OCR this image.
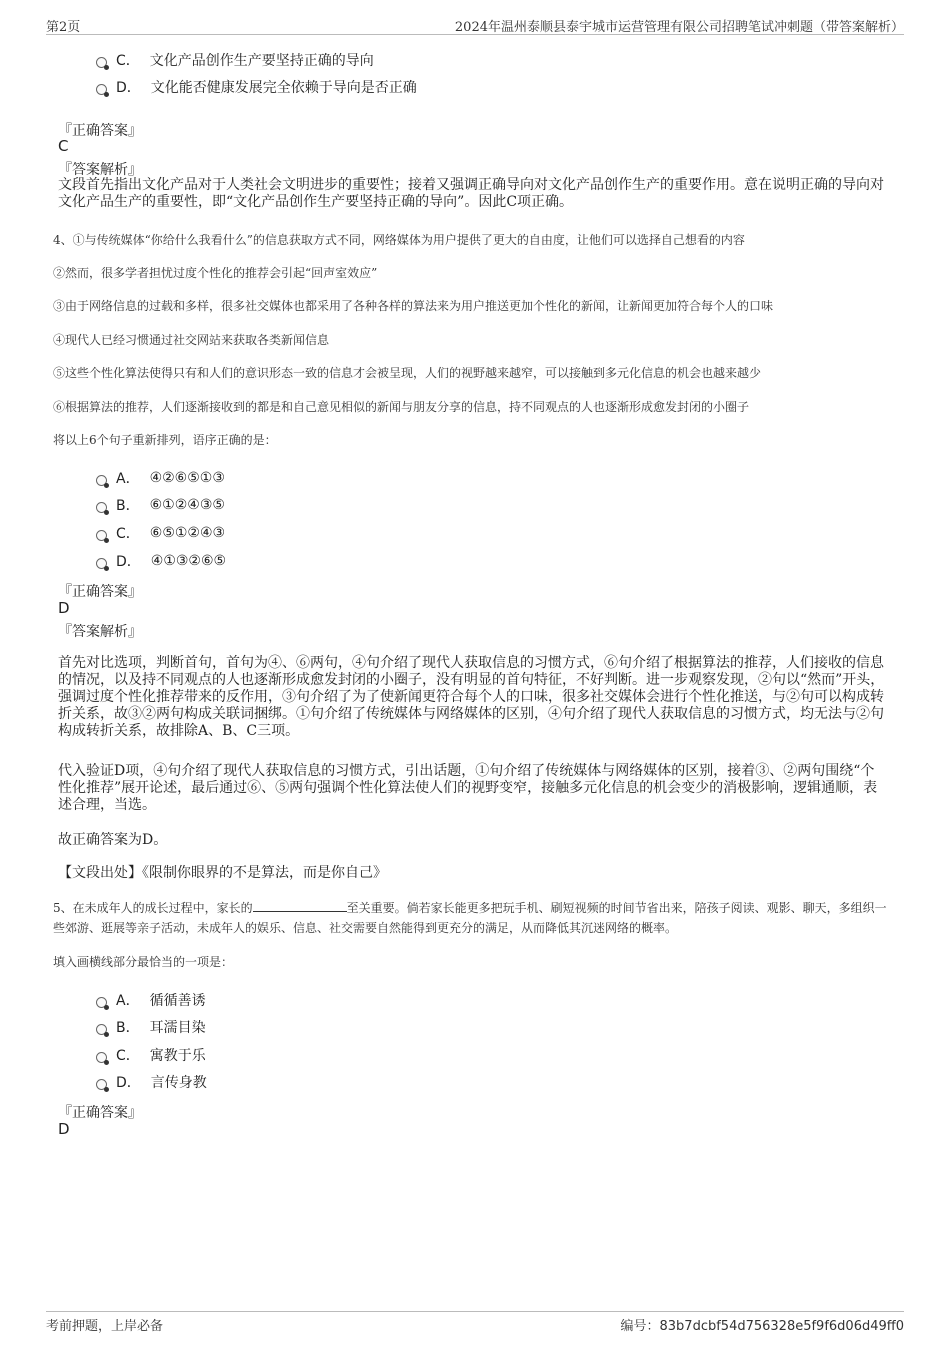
第2页	2024年温州泰顺县泰宇城市运营管理有限公司招聘笔试冲刺题（带答案解析）
C． 文化产品创作生产要坚持正确的导向
D． 文化能否健康发展完全依赖于导向是否正确
『正确答案』
C
『答案解析』
文段首先指出文化产品对于人类社会文明进步的重要性；接着又强调正确导向对文化产品创作生产的重要作用。意在说明正确的导向对文化产品生产的重要性，即“文化产品创作生产要坚持正确的导向”。因此C项正确。
4、①与传统媒体“你给什么我看什么”的信息获取方式不同，网络媒体为用户提供了更大的自由度，让他们可以选择自己想看的内容
②然而，很多学者担忧过度个性化的推荐会引起“回声室效应”
③由于网络信息的过载和多样，很多社交媒体也都采用了各种各样的算法来为用户推送更加个性化的新闻，让新闻更加符合每个人的口味
④现代人已经习惯通过社交网站来获取各类新闻信息
⑤这些个性化算法使得只有和人们的意识形态一致的信息才会被呈现，人们的视野越来越窄，可以接触到多元化信息的机会也越来越少
⑥根据算法的推荐，人们逐渐接收到的都是和自己意见相似的新闻与朋友分享的信息，持不同观点的人也逐渐形成愈发封闭的小圈子
将以上6个句子重新排列，语序正确的是：
A． ④②⑥⑤①③
B． ⑥①②④③⑤
C． ⑥⑤①②④③
D． ④①③②⑥⑤
『正确答案』
D
『答案解析』
首先对比选项，判断首句，首句为④、⑥两句，④句介绍了现代人获取信息的习惯方式，⑥句介绍了根据算法的推荐，人们接收的信息的情况，以及持不同观点的人也逐渐形成愈发封闭的小圈子，没有明显的首句特征，不好判断。进一步观察发现，②句以“然而”开头，强调过度个性化推荐带来的反作用，③句介绍了为了使新闻更符合每个人的口味，很多社交媒体会进行个性化推送，与②句可以构成转折关系，故③②两句构成关联词捆绑。①句介绍了传统媒体与网络媒体的区别，④句介绍了现代人获取信息的习惯方式，均无法与②句构成转折关系，故排除A、B、C三项。
代入验证D项，④句介绍了现代人获取信息的习惯方式，引出话题，①句介绍了传统媒体与网络媒体的区别，接着③、②两句围绕“个性化推荐”展开论述，最后通过⑥、⑤两句强调个性化算法使人们的视野变窄，接触多元化信息的机会变少的消极影响，逻辑通顺，表述合理，当选。
故正确答案为D。
【文段出处】《限制你眼界的不是算法，而是你自己》
5、在未成年人的成长过程中，家长的	至关重要。倘若家长能更多把玩手机、刷短视频的时间节省出来，陪孩子阅读、观影、聊天，多组织一些郊游、逛展等亲子活动，未成年人的娱乐、信息、社交需要自然能得到更充分的满足，从而降低其沉迷网络的概率。
填入画横线部分最恰当的一项是：
A． 循循善诱
B． 耳濡目染
C． 寓教于乐
D． 言传身教
『正确答案』
D
考前押题，上岸必备	编号：83b7dcbf54d756328e5f9f6d06d49ff0
